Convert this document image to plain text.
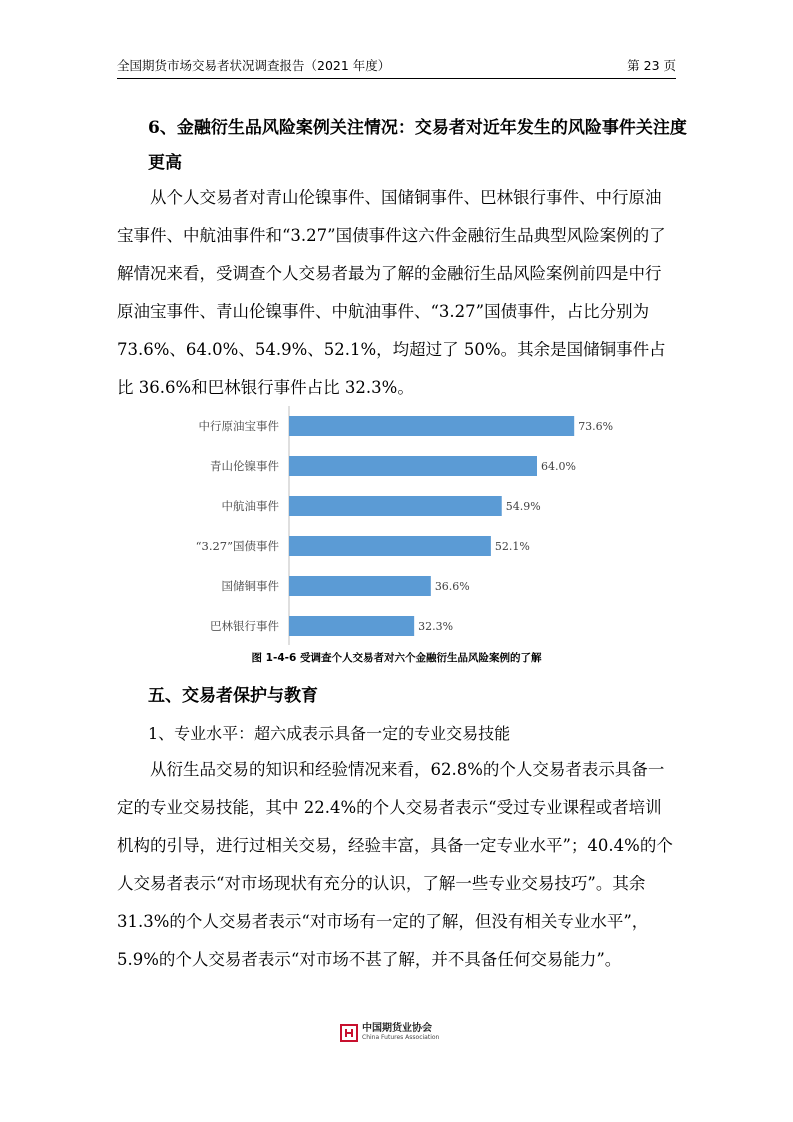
全国期货市场交易者状况调查报告（2021 年度）	第 23 页
6、金融衍生品风险案例关注情况：交易者对近年发生的风险事件关注度更高

从个人交易者对青山伦镍事件、国储铜事件、巴林银行事件、中行原油宝事件、中航油事件和“3.27”国债事件这六件金融衍生品典型风险案例的了解情况来看，受调查个人交易者最为了解的金融衍生品风险案例前四是中行原油宝事件、青山伦镍事件、中航油事件、“3.27”国债事件，占比分别为 73.6%、64.0%、54.9%、52.1%，均超过了 50%。其余是国储铜事件占比 36.6%和巴林银行事件占比 32.3%。

中行原油宝事件	73.6%
青山伦镍事件	64.0%
中航油事件	54.9%
“3.27”国债事件	52.1%
国储铜事件	36.6%
巴林银行事件	32.3%
图 1-4-6 受调查个人交易者对六个金融衍生品风险案例的了解
五、交易者保护与教育
1、专业水平：超六成表示具备一定的专业交易技能

从衍生品交易的知识和经验情况来看，62.8%的个人交易者表示具备一定的专业交易技能，其中 22.4%的个人交易者表示“受过专业课程或者培训机构的引导，进行过相关交易，经验丰富，具备一定专业水平”；40.4%的个人交易者表示“对市场现状有充分的认识，了解一些专业交易技巧”。其余 31.3%的个人交易者表示“对市场有一定的了解，但没有相关专业水平”，5.9%的个人交易者表示“对市场不甚了解，并不具备任何交易能力”。

中国期货业协会
China Futures Association
